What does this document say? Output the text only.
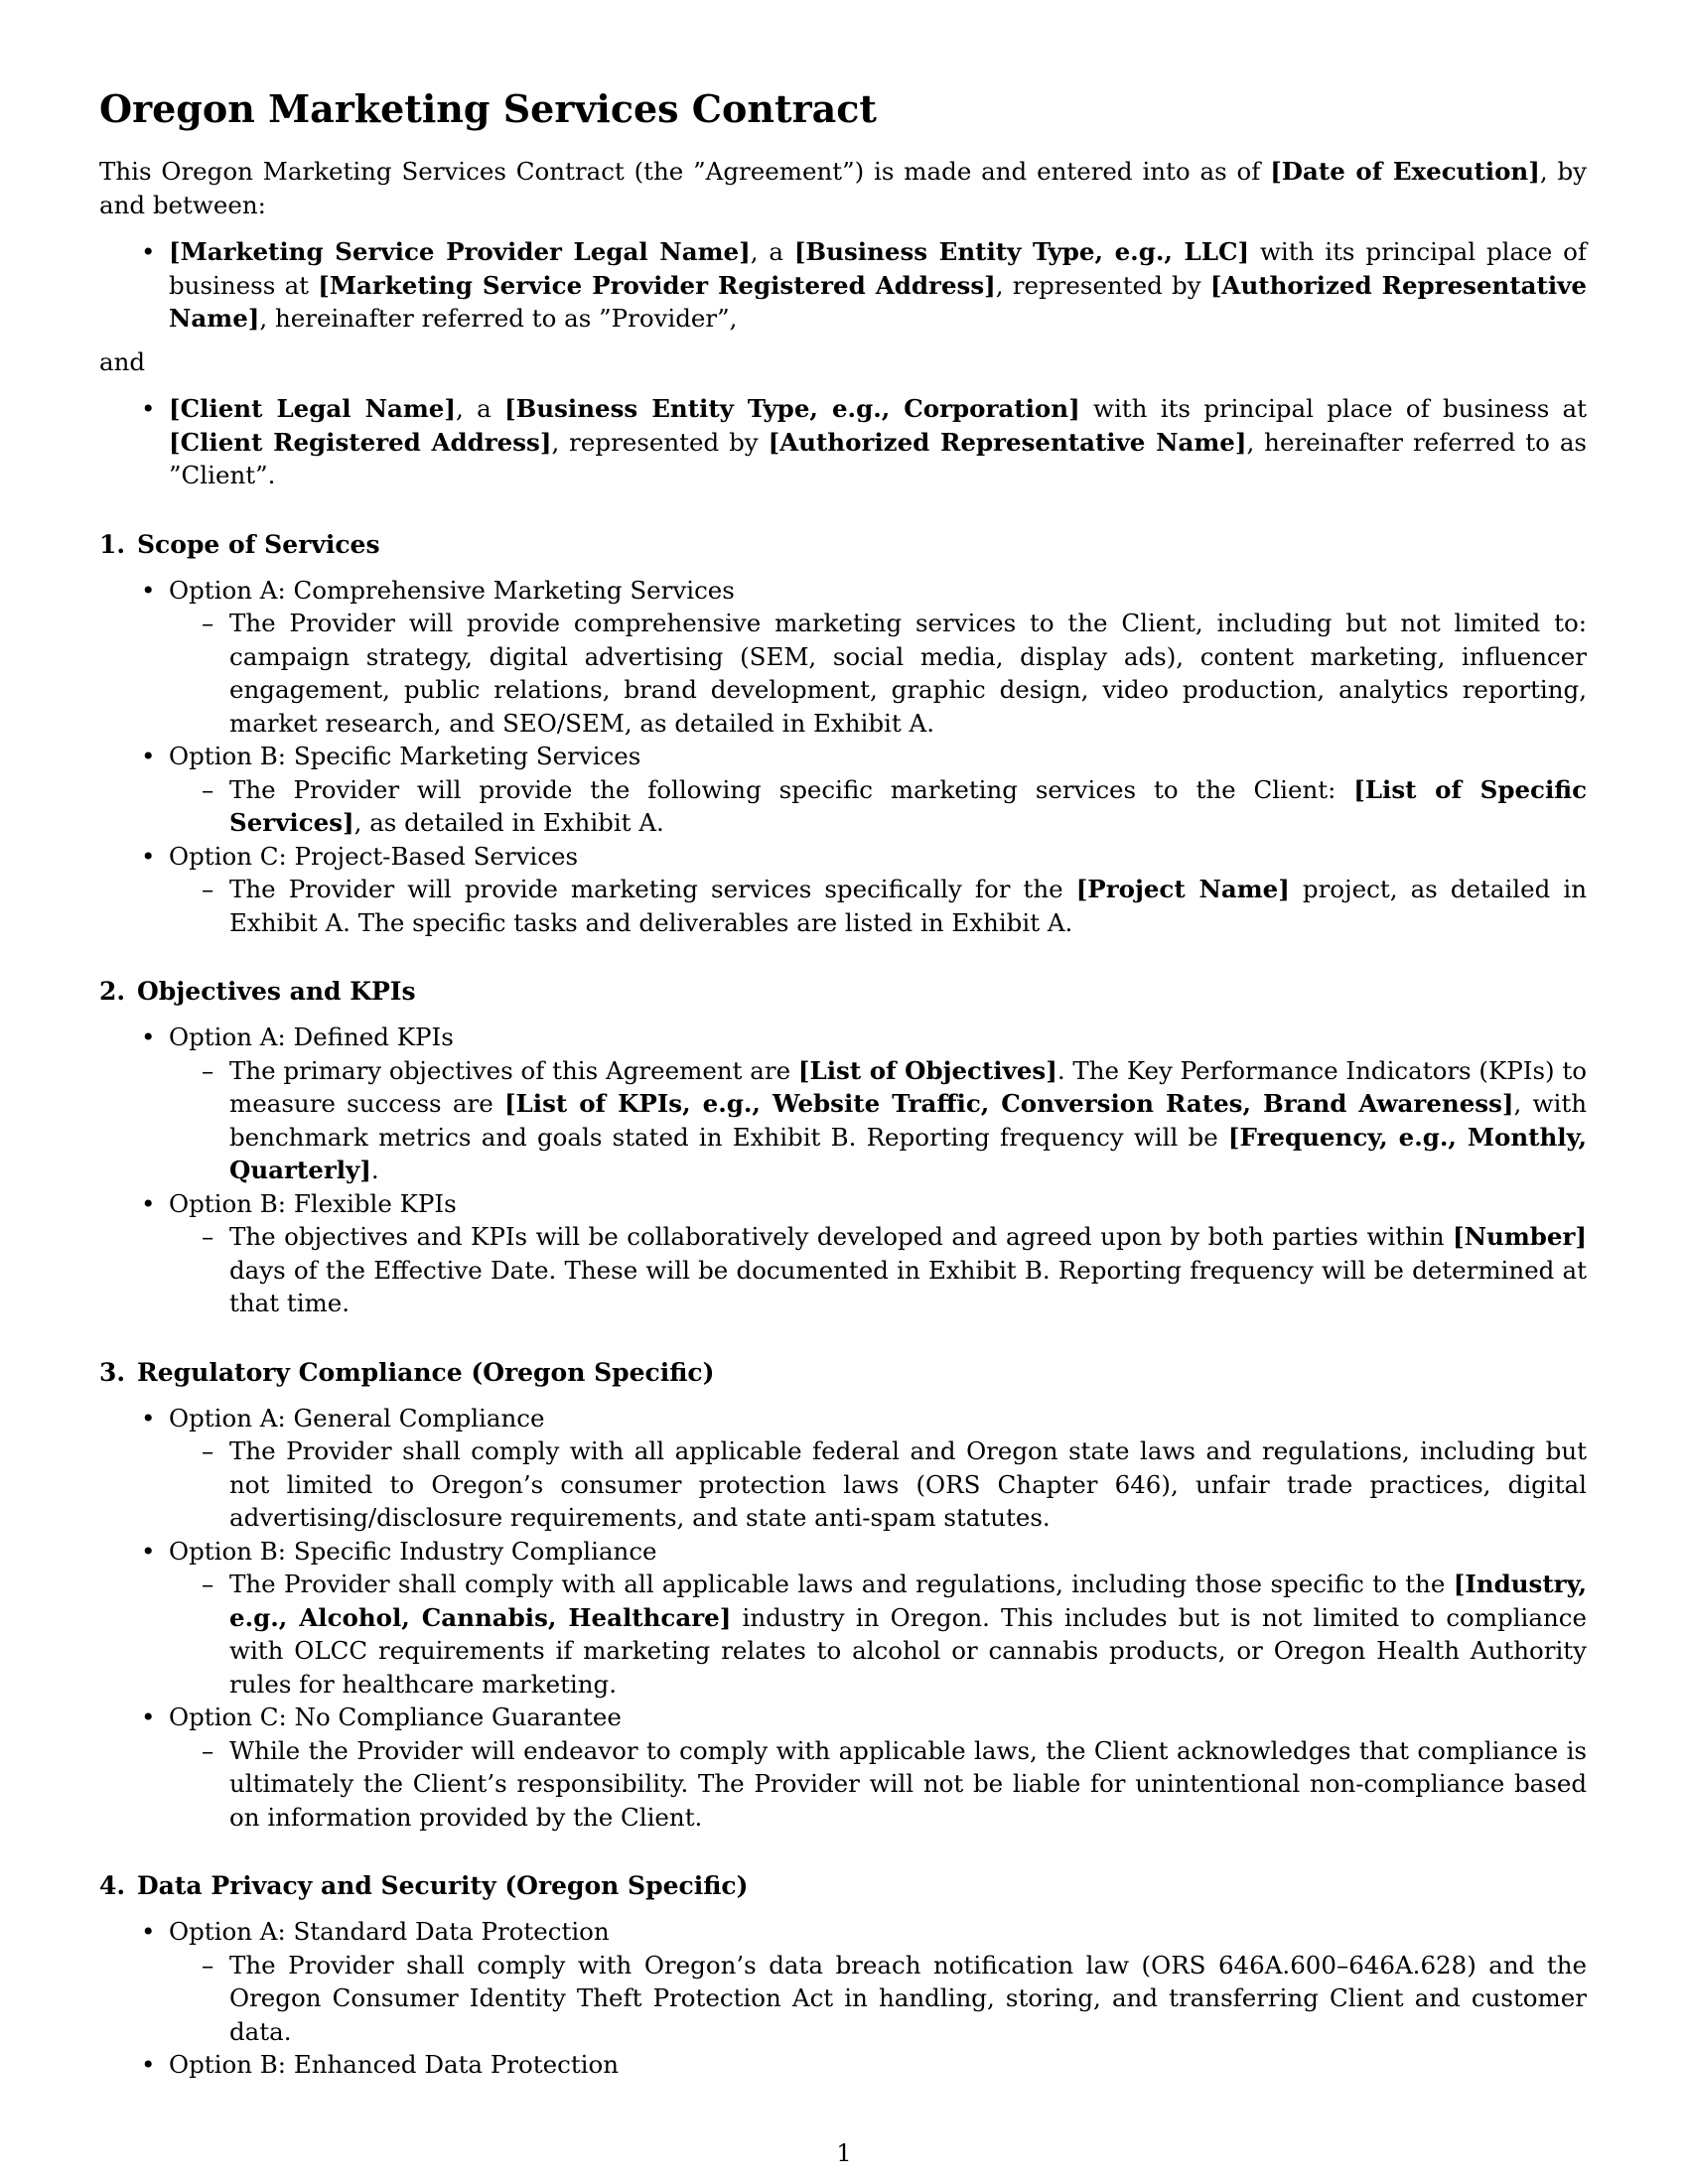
Oregon Marketing Services Contract

This Oregon Marketing Services Contract (the ”Agreement”) is made and entered into as of [Date of Execution], by and between:

• [Marketing Service Provider Legal Name], a [Business Entity Type, e.g., LLC] with its principal place of business at [Marketing Service Provider Registered Address], represented by [Authorized Representative Name], hereinafter referred to as ”Provider”,

and

• [Client Legal Name], a [Business Entity Type, e.g., Corporation] with its principal place of business at [Client Registered Address], represented by [Authorized Representative Name], hereinafter referred to as ”Client”.
1. Scope of Services
• Option A: Comprehensive Marketing Services
– The Provider will provide comprehensive marketing services to the Client, including but not limited to: campaign strategy, digital advertising (SEM, social media, display ads), content marketing, influencer engagement, public relations, brand development, graphic design, video production, analytics reporting, market research, and SEO/SEM, as detailed in Exhibit A.
• Option B: Specific Marketing Services
– The Provider will provide the following specific marketing services to the Client: [List of Specific Services], as detailed in Exhibit A.
• Option C: Project-Based Services
– The Provider will provide marketing services specifically for the [Project Name] project, as detailed in Exhibit A. The specific tasks and deliverables are listed in Exhibit A.
2. Objectives and KPIs
• Option A: Defined KPIs
– The primary objectives of this Agreement are [List of Objectives]. The Key Performance Indicators (KPIs) to measure success are [List of KPIs, e.g., Website Traffic, Conversion Rates, Brand Awareness], with benchmark metrics and goals stated in Exhibit B. Reporting frequency will be [Frequency, e.g., Monthly, Quarterly].
• Option B: Flexible KPIs
– The objectives and KPIs will be collaboratively developed and agreed upon by both parties within [Number] days of the Effective Date. These will be documented in Exhibit B. Reporting frequency will be determined at that time.
3. Regulatory Compliance (Oregon Specific)
• Option A: General Compliance
– The Provider shall comply with all applicable federal and Oregon state laws and regulations, including but not limited to Oregon’s consumer protection laws (ORS Chapter 646), unfair trade practices, digital advertising/disclosure requirements, and state anti-spam statutes.
• Option B: Specific Industry Compliance
– The Provider shall comply with all applicable laws and regulations, including those specific to the [Industry, e.g., Alcohol, Cannabis, Healthcare] industry in Oregon. This includes but is not limited to compliance with OLCC requirements if marketing relates to alcohol or cannabis products, or Oregon Health Authority rules for healthcare marketing.
• Option C: No Compliance Guarantee
– While the Provider will endeavor to comply with applicable laws, the Client acknowledges that compliance is ultimately the Client’s responsibility. The Provider will not be liable for unintentional non-compliance based on information provided by the Client.
4. Data Privacy and Security (Oregon Specific)
• Option A: Standard Data Protection
– The Provider shall comply with Oregon’s data breach notification law (ORS 646A.600–646A.628) and the Oregon Consumer Identity Theft Protection Act in handling, storing, and transferring Client and customer data.
• Option B: Enhanced Data Protection
1
